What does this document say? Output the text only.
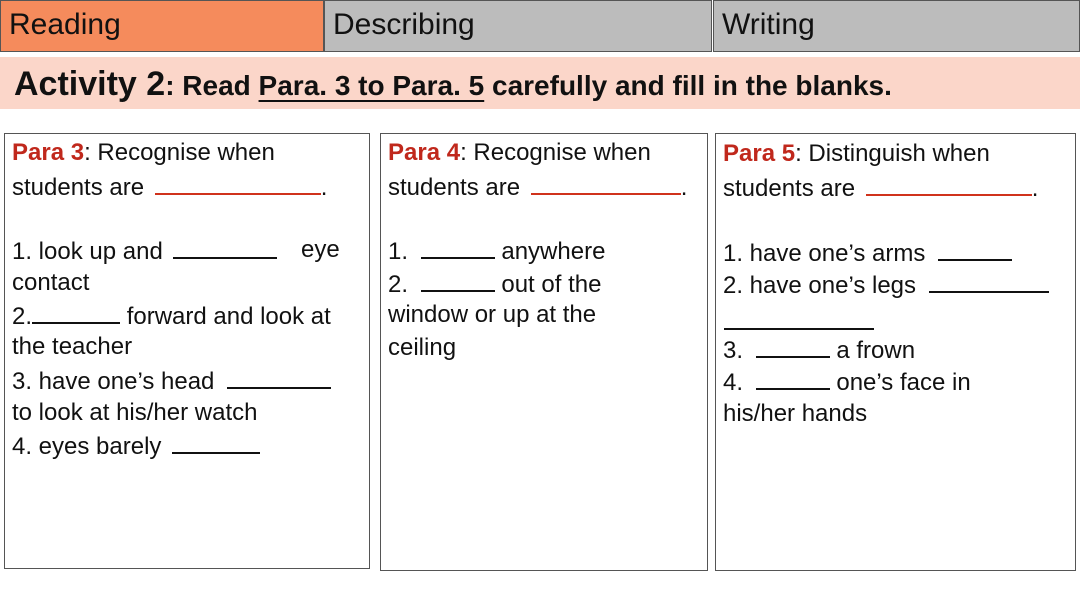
Reading	Describing	Writing
Activity 2: Read Para. 3 to Para. 5 carefully and fill in the blanks.
Para 3: Recognise when
students are	.
1. look up and	eye
contact
2.	forward and look at
the teacher
3. have one’s head
to look at his/her watch
4. eyes barely
Para 4: Recognise when
students are	.
1.	anywhere
2.	out of the
window or up at the
ceiling
Para 5: Distinguish when
students are	.
1. have one’s arms
2. have one’s legs
3.	a frown
4.	one’s face in
his/her hands
